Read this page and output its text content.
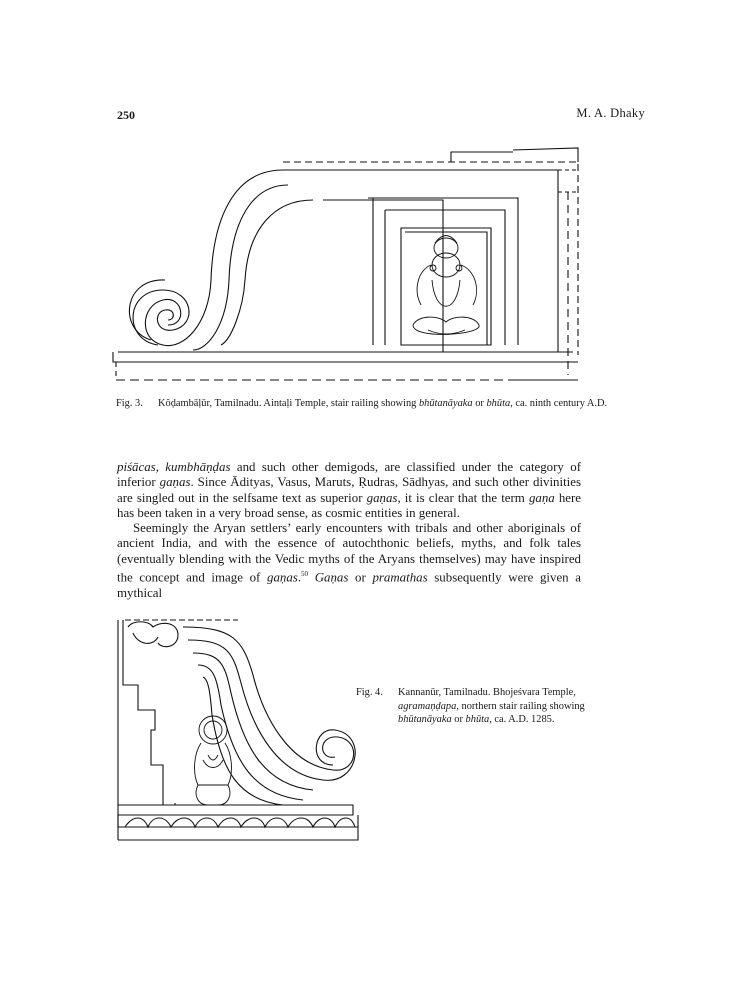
250	M. A. Dhaky
Fig. 3. Kôḍambāḷūr, Tamilnadu. Aintaḷi Temple, stair railing showing bhūtanāyaka or bhūta, ca. ninth century A.D.

piśācas, kumbhāṇḍas and such other demigods, are classified under the category of inferior gaṇas. Since Ādityas, Vasus, Maruts, Ṛudras, Sādhyas, and such other divinities are singled out in the selfsame text as superior gaṇas, it is clear that the term gaṇa here has been taken in a very broad sense, as cosmic entities in general.

Seemingly the Aryan settlers’ early encounters with tribals and other aboriginals of ancient India, and with the essence of autochthonic beliefs, myths, and folk tales (eventually blending with the Vedic myths of the Aryans themselves) may have inspired the concept and image of gaṇas.$^{50}$ Gaṇas or pramathas subsequently were given a mythical

Fig. 4. Kannanūr, Tamilnadu. Bhojeśvara Temple, agramaṇḍapa, northern stair railing showing bhūtanāyaka or bhūta, ca. A.D. 1285.
